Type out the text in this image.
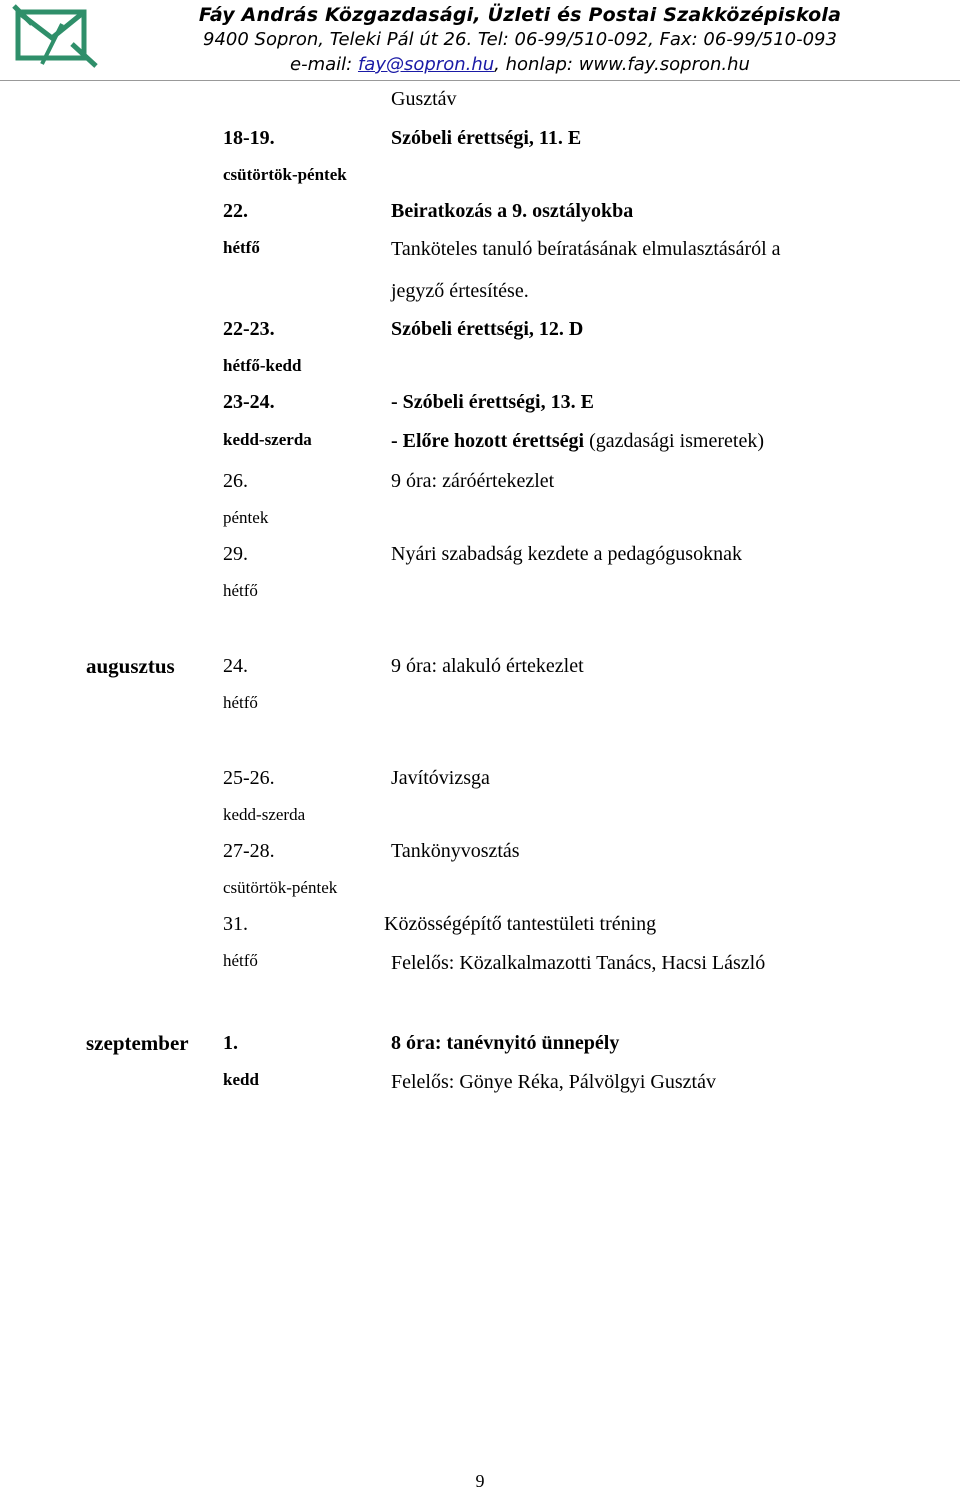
Fáy András Közgazdasági, Üzleti és Postai Szakközépiskola
9400 Sopron, Teleki Pál út 26. Tel: 06-99/510-092, Fax: 06-99/510-093
e-mail: fay@sopron.hu, honlap: www.fay.sopron.hu
Gusztáv
18-19.	Szóbeli érettségi, 11. E
csütörtök-péntek
22.	Beiratkozás a 9. osztályokba
hétfő	Tanköteles tanuló beíratásának elmulasztásáról a
jegyző értesítése.
22-23.	Szóbeli érettségi, 12. D
hétfő-kedd
23-24.	- Szóbeli érettségi, 13. E
kedd-szerda	- Előre hozott érettségi (gazdasági ismeretek)
26.	9 óra: záróértekezlet
péntek
29.	Nyári szabadság kezdete a pedagógusoknak
hétfő
augusztus 24.	9 óra: alakuló értekezlet
hétfő
25-26.	Javítóvizsga
kedd-szerda
27-28.	Tankönyvosztás
csütörtök-péntek
31.	Közösségépítő tantestületi tréning
hétfő	Felelős: Közalkalmazotti Tanács, Hacsi László
szeptember 1.	8 óra: tanévnyitó ünnepély
kedd	Felelős: Gönye Réka, Pálvölgyi Gusztáv
9
